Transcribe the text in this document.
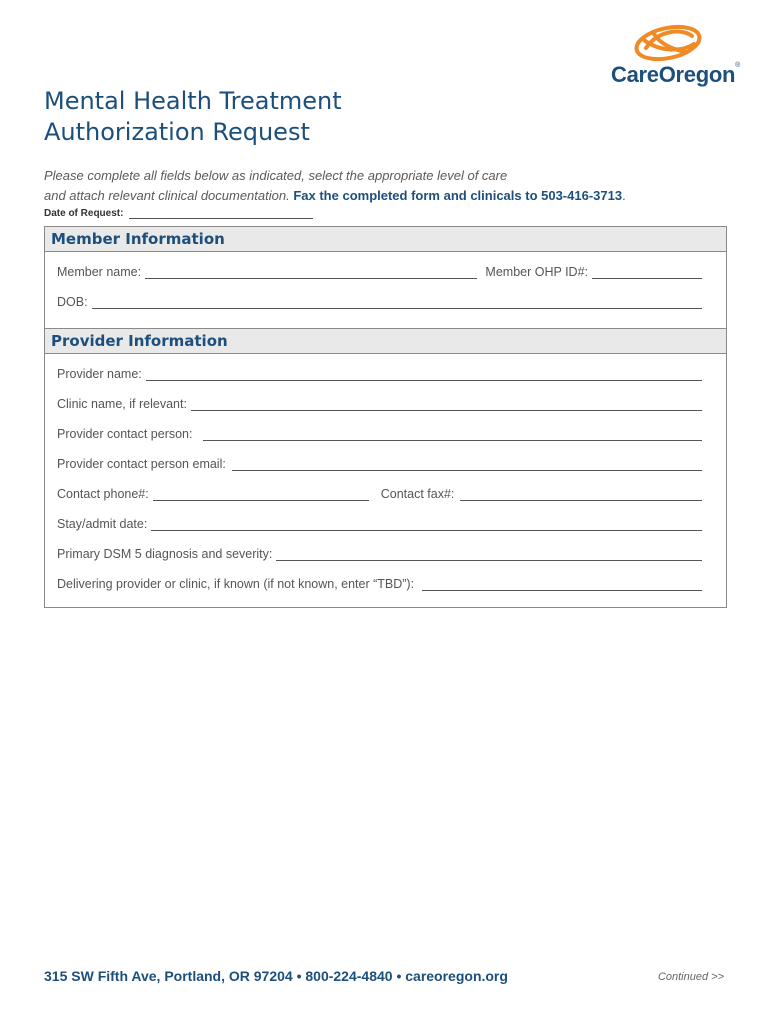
CareOregon®
Mental Health Treatment
Authorization Request
Please complete all fields below as indicated, select the appropriate level of care
and attach relevant clinical documentation. Fax the completed form and clinicals to 503-416-3713.
Date of Request:
Member Information
Member name:	Member OHP ID#:
DOB:
Provider Information
Provider name:
Clinic name, if relevant:
Provider contact person:
Provider contact person email:
Contact phone#:	Contact fax#:
Stay/admit date:
Primary DSM 5 diagnosis and severity:
Delivering provider or clinic, if known (if not known, enter “TBD”):
315 SW Fifth Ave, Portland, OR 97204 • 800-224-4840 • careoregon.org	Continued >>
